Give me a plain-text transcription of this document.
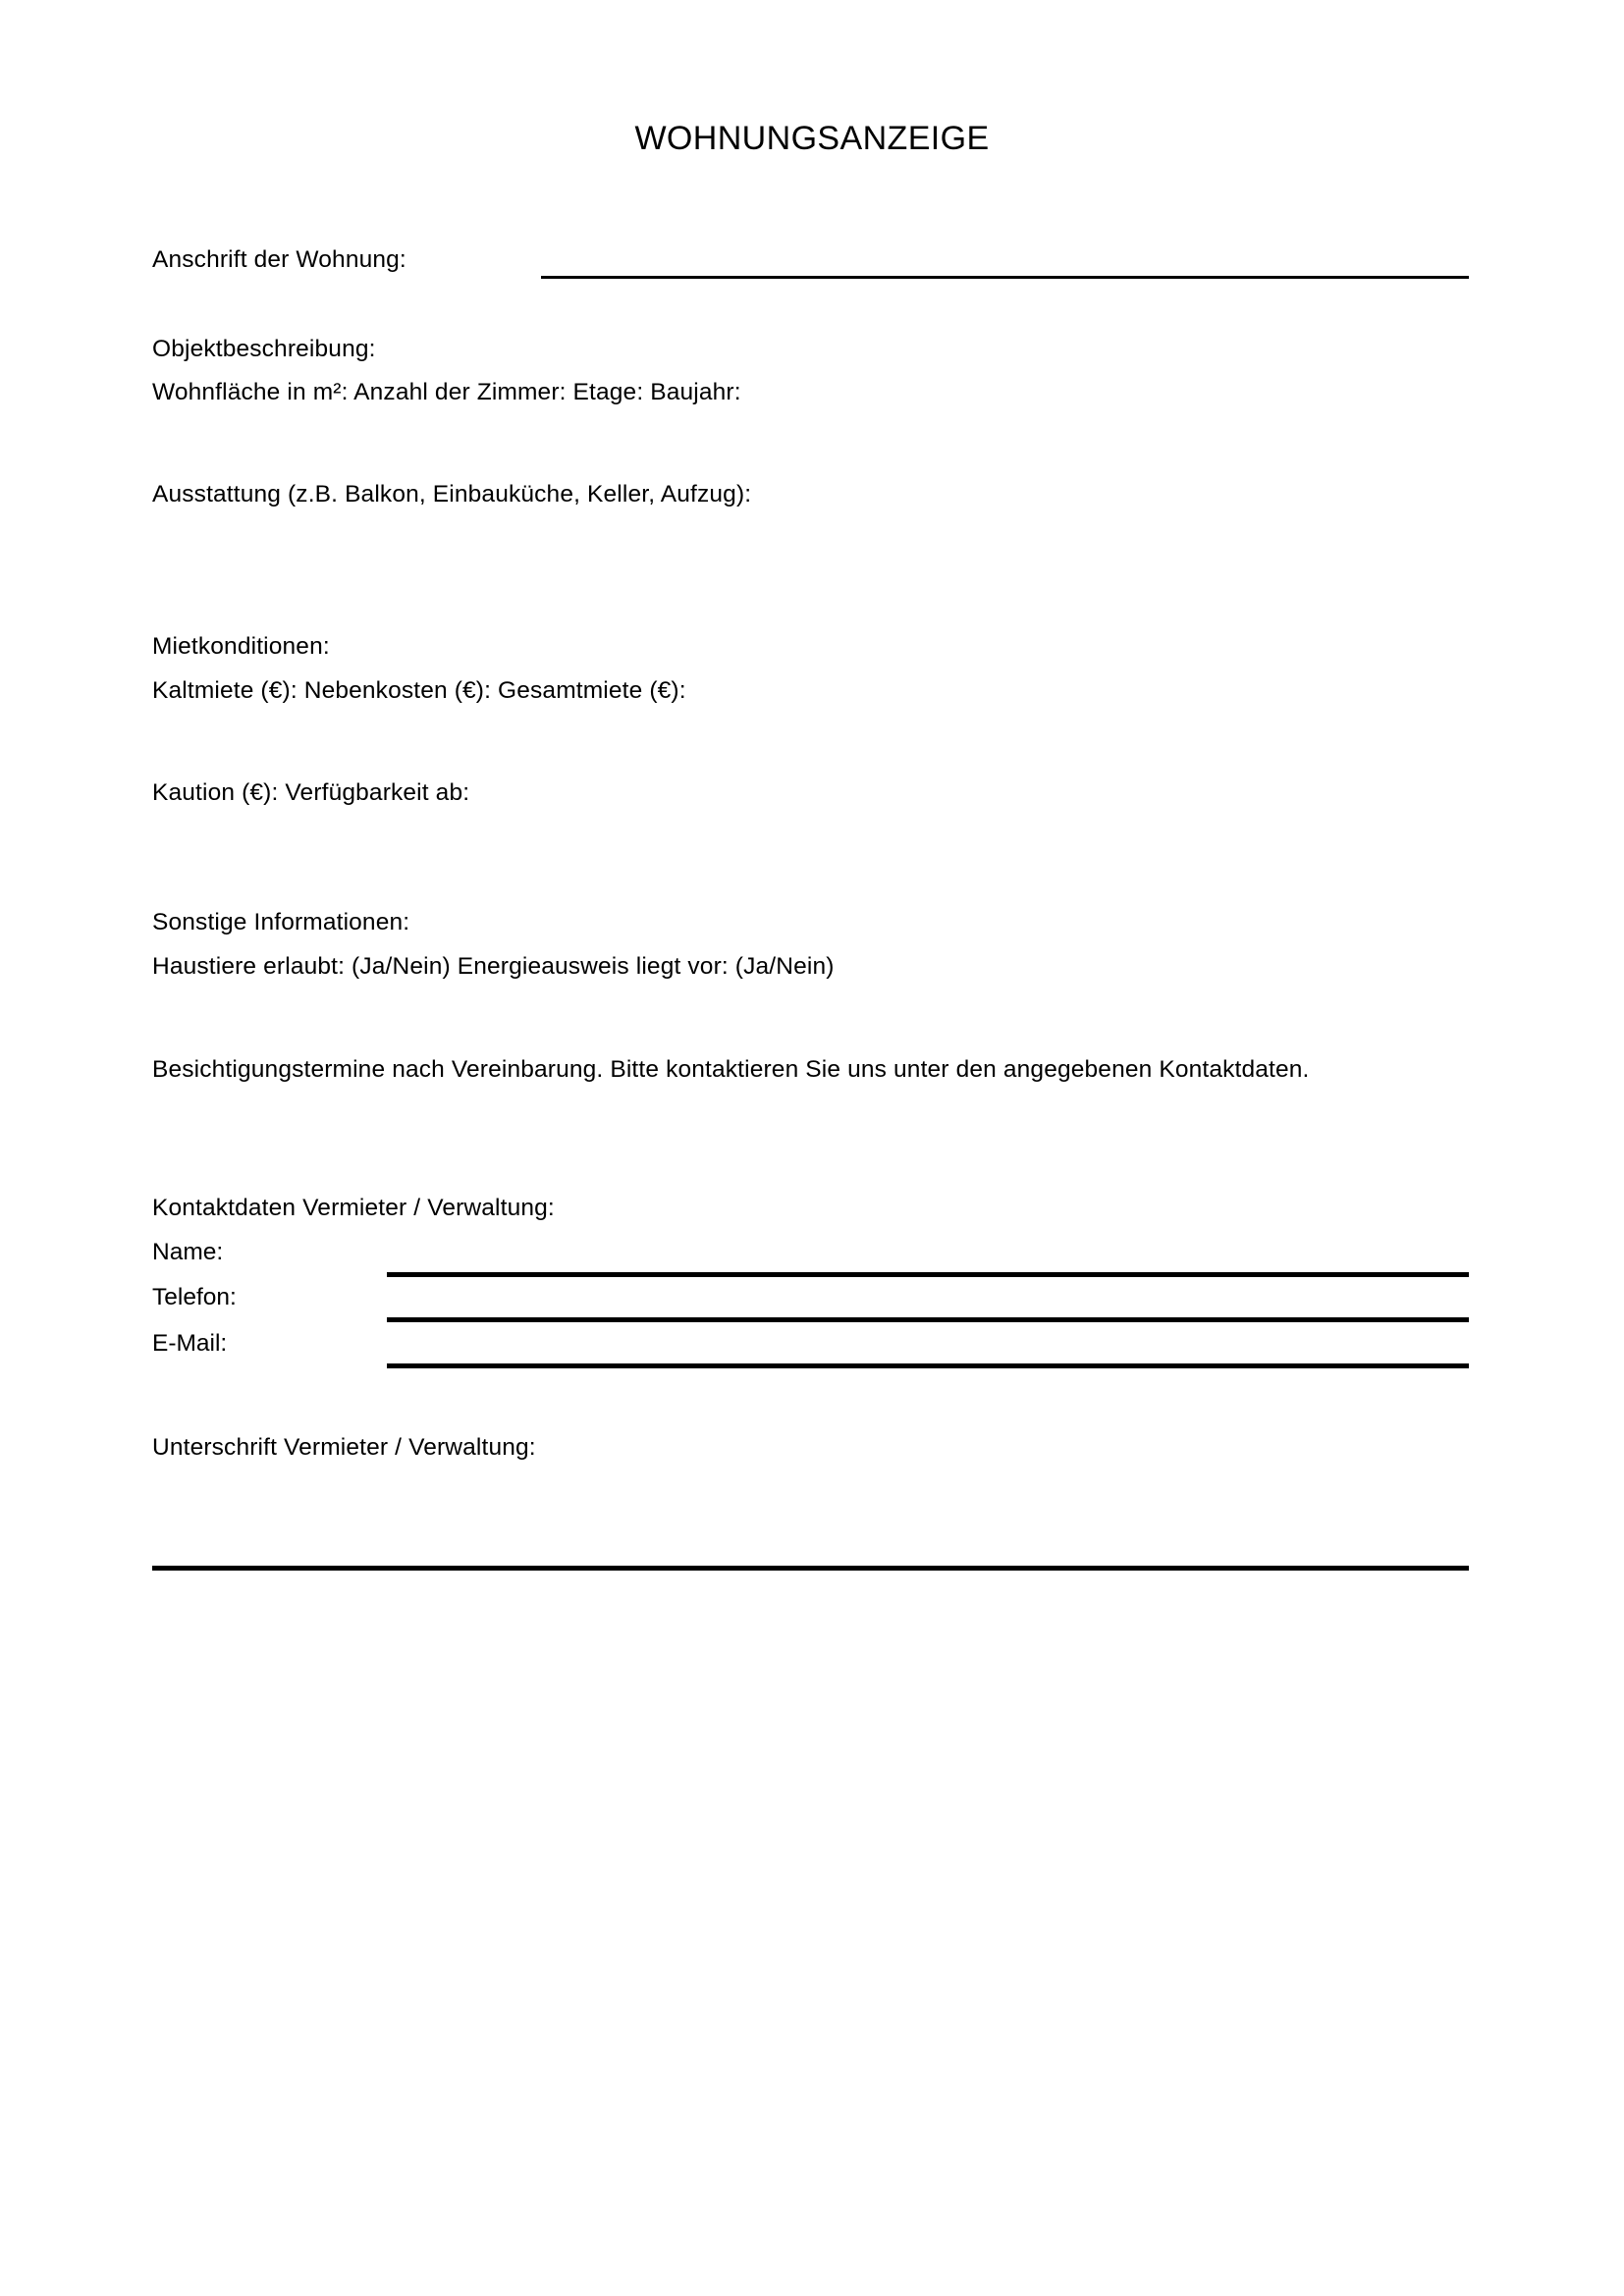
WOHNUNGSANZEIGE
Anschrift der Wohnung:
Objektbeschreibung:
Wohnfläche in m²: Anzahl der Zimmer: Etage: Baujahr:
Ausstattung (z.B. Balkon, Einbauküche, Keller, Aufzug):
Mietkonditionen:
Kaltmiete (€): Nebenkosten (€): Gesamtmiete (€):
Kaution (€): Verfügbarkeit ab:
Sonstige Informationen:
Haustiere erlaubt: (Ja/Nein) Energieausweis liegt vor: (Ja/Nein)
Besichtigungstermine nach Vereinbarung. Bitte kontaktieren Sie uns unter den angegebenen Kontaktdaten.
Kontaktdaten Vermieter / Verwaltung:
Name:
Telefon:
E-Mail:
Unterschrift Vermieter / Verwaltung:
